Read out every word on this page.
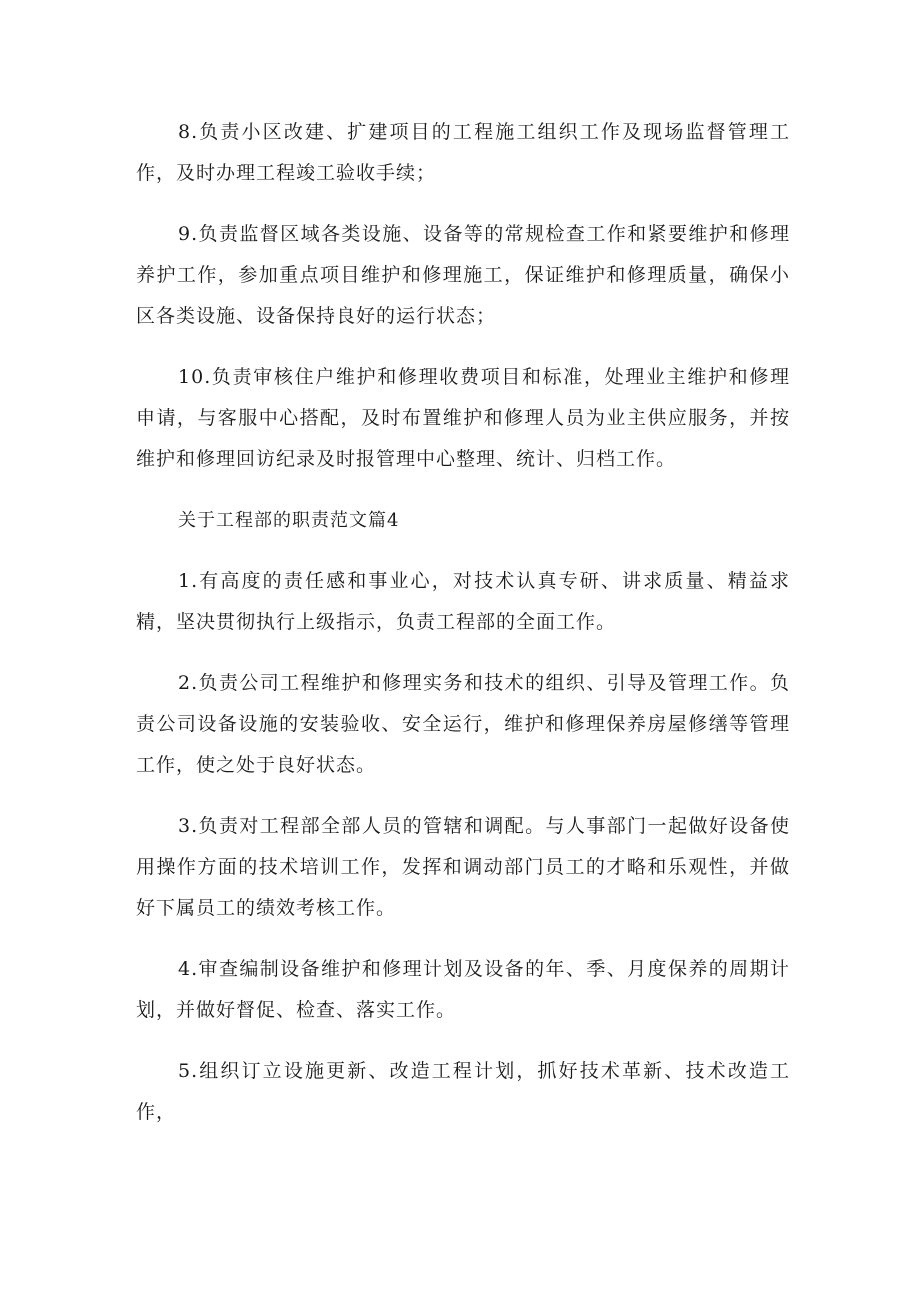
8.负责小区改建、扩建项目的工程施工组织工作及现场监督管理工作，及时办理工程竣工验收手续；

9.负责监督区域各类设施、设备等的常规检查工作和紧要维护和修理养护工作，参加重点项目维护和修理施工，保证维护和修理质量，确保小区各类设施、设备保持良好的运行状态；

10.负责审核住户维护和修理收费项目和标准，处理业主维护和修理申请，与客服中心搭配，及时布置维护和修理人员为业主供应服务，并按维护和修理回访纪录及时报管理中心整理、统计、归档工作。

关于工程部的职责范文篇4

1.有高度的责任感和事业心，对技术认真专研、讲求质量、精益求精，坚决贯彻执行上级指示，负责工程部的全面工作。

2.负责公司工程维护和修理实务和技术的组织、引导及管理工作。负责公司设备设施的安装验收、安全运行，维护和修理保养房屋修缮等管理工作，使之处于良好状态。

3.负责对工程部全部人员的管辖和调配。与人事部门一起做好设备使用操作方面的技术培训工作，发挥和调动部门员工的才略和乐观性，并做好下属员工的绩效考核工作。

4.审查编制设备维护和修理计划及设备的年、季、月度保养的周期计划，并做好督促、检查、落实工作。

5.组织订立设施更新、改造工程计划，抓好技术革新、技术改造工作，
